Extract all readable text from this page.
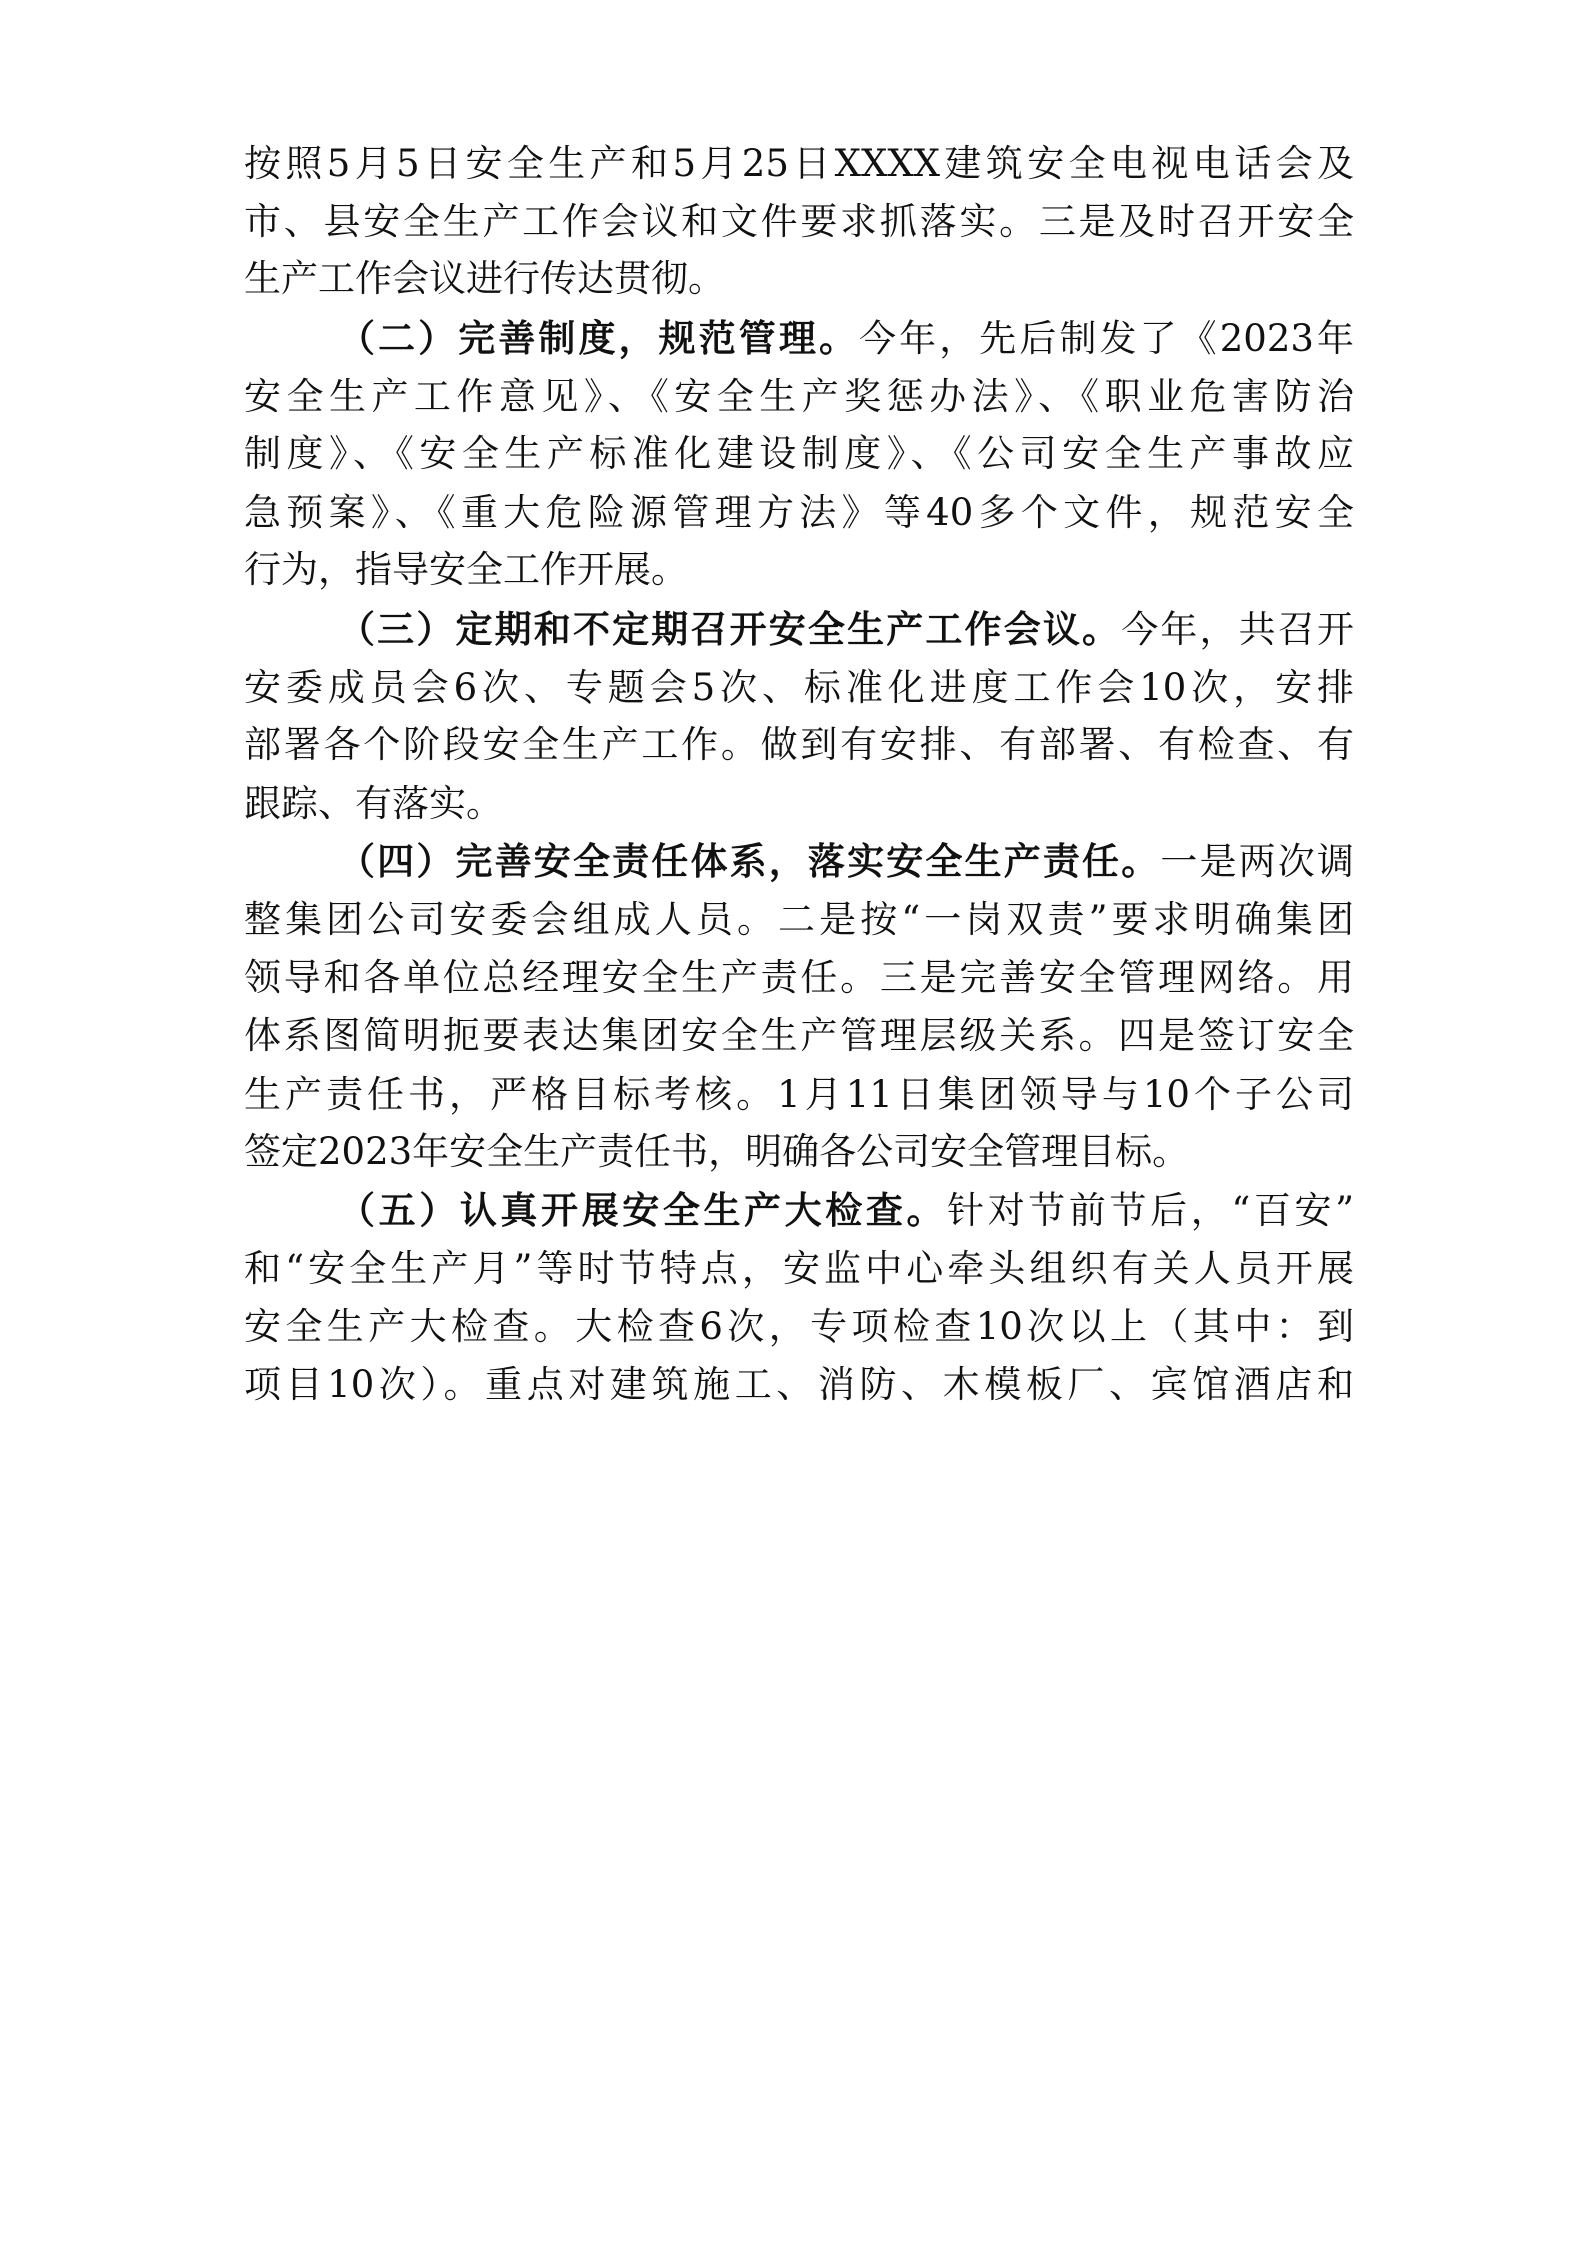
按照5月5日安全生产和5月25日XXXX建筑安全电视电话会及
市、县安全生产工作会议和文件要求抓落实。三是及时召开安全
生产工作会议进行传达贯彻。
（二）完善制度，规范管理。今年，先后制发了《2023年
安全生产工作意见》、《安全生产奖惩办法》、《职业危害防治
制度》、《安全生产标准化建设制度》、《公司安全生产事故应
急预案》、《重大危险源管理方法》等40多个文件，规范安全
行为，指导安全工作开展。
（三）定期和不定期召开安全生产工作会议。今年，共召开
安委成员会6次、专题会5次、标准化进度工作会10次，安排
部署各个阶段安全生产工作。做到有安排、有部署、有检查、有
跟踪、有落实。
（四）完善安全责任体系，落实安全生产责任。一是两次调
整集团公司安委会组成人员。二是按“一岗双责”要求明确集团
领导和各单位总经理安全生产责任。三是完善安全管理网络。用
体系图简明扼要表达集团安全生产管理层级关系。四是签订安全
生产责任书，严格目标考核。1月11日集团领导与10个子公司
签定2023年安全生产责任书，明确各公司安全管理目标。
（五）认真开展安全生产大检查。针对节前节后，“百安”
和“安全生产月”等时节特点，安监中心牵头组织有关人员开展
安全生产大检查。大检查6次，专项检查10次以上（其中：到
项目10次）。重点对建筑施工、消防、木模板厂、宾馆酒店和
